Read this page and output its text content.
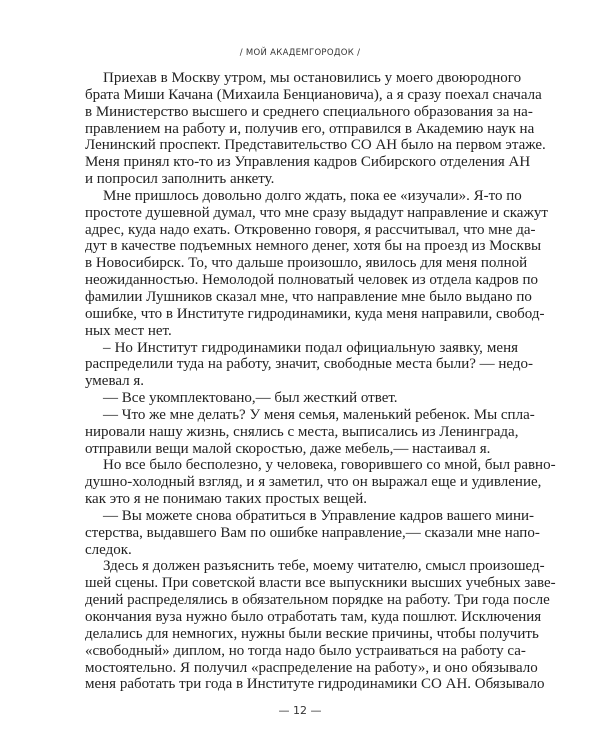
/ МОЙ АКАДЕМГОРОДОК /
Приехав в Москву утром, мы остановились у моего двоюродного
брата Миши Качана (Михаила Бенциановича), а я сразу поехал сначала
в Министерство высшего и среднего специального образования за на-
правлением на работу и, получив его, отправился в Академию наук на
Ленинский проспект. Представительство СО АН было на первом этаже.
Меня принял кто-то из Управления кадров Сибирского отделения АН
и попросил заполнить анкету.
Мне пришлось довольно долго ждать, пока ее «изучали». Я-то по
простоте душевной думал, что мне сразу выдадут направление и скажут
адрес, куда надо ехать. Откровенно говоря, я рассчитывал, что мне да-
дут в качестве подъемных немного денег, хотя бы на проезд из Москвы
в Новосибирск. То, что дальше произошло, явилось для меня полной
неожиданностью. Немолодой полноватый человек из отдела кадров по
фамилии Лушников сказал мне, что направление мне было выдано по
ошибке, что в Институте гидродинамики, куда меня направили, свобод-
ных мест нет.
– Но Институт гидродинамики подал официальную заявку, меня
распределили туда на работу, значит, свободные места были? — недо-
умевал я.
— Все укомплектовано,— был жесткий ответ.
— Что же мне делать? У меня семья, маленький ребенок. Мы спла-
нировали нашу жизнь, снялись с места, выписались из Ленинграда,
отправили вещи малой скоростью, даже мебель,— настаивал я.
Но все было бесполезно, у человека, говорившего со мной, был равно-
душно-холодный взгляд, и я заметил, что он выражал еще и удивление,
как это я не понимаю таких простых вещей.
— Вы можете снова обратиться в Управление кадров вашего мини-
стерства, выдавшего Вам по ошибке направление,— сказали мне напо-
следок.
Здесь я должен разъяснить тебе, моему читателю, смысл произошед-
шей сцены. При советской власти все выпускники высших учебных заве-
дений распределялись в обязательном порядке на работу. Три года после
окончания вуза нужно было отработать там, куда пошлют. Исключения
делались для немногих, нужны были веские причины, чтобы получить
«свободный» диплом, но тогда надо было устраиваться на работу са-
мостоятельно. Я получил «распределение на работу», и оно обязывало
меня работать три года в Институте гидродинамики СО АН. Обязывало
— 12 —
